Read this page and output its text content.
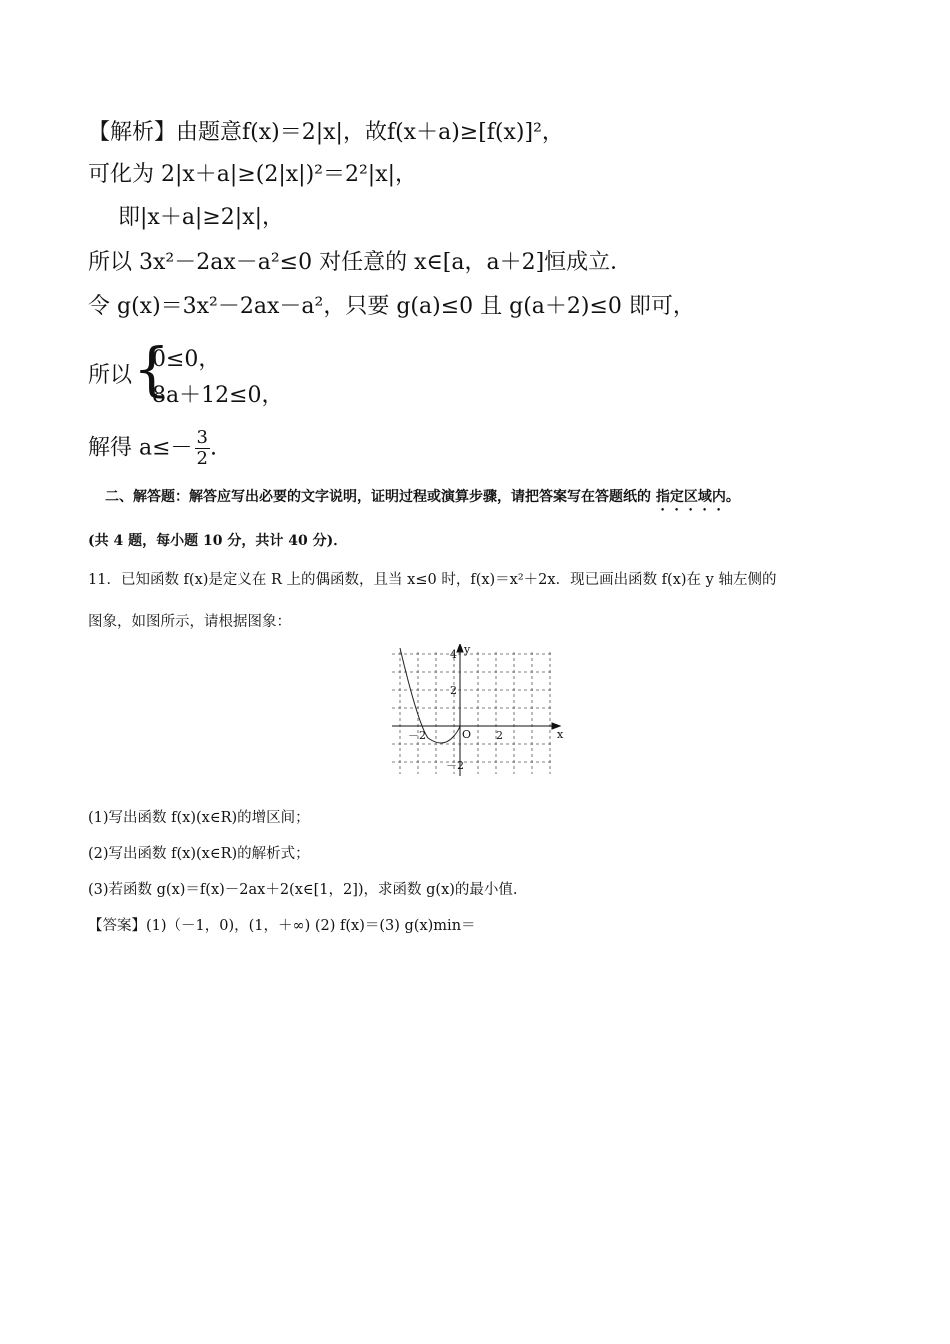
【解析】由题意f(x)＝2|x|，故f(x＋a)≥[f(x)]²，
可化为 2|x＋a|≥(2|x|)²＝2²|x|，
即|x＋a|≥2|x|，
所以 3x²－2ax－a²≤0 对任意的 x∈[a，a＋2]恒成立．
令 g(x)＝3x²－2ax－a²，只要 g(a)≤0 且 g(a＋2)≤0 即可，
所以 {
0≤0，
8a＋12≤0，
解得 $a\le- \frac{3}{2}$ .
二、解答题：解答应写出必要的文字说明，证明过程或演算步骤，请把答案写在答题纸的 指定区域内。
(共 4 题，每小题 10 分，共计 40 分)．
11．已知函数 f(x)是定义在 R 上的偶函数，且当 x≤0 时，f(x)＝x²＋2x．现已画出函数 f(x)在 y 轴左侧的
图象，如图所示，请根据图象：
y
x
O
4
2
－2
－2	2
(1)写出函数 f(x)(x∈R)的增区间；
(2)写出函数 f(x)(x∈R)的解析式；
(3)若函数 g(x)＝f(x)－2ax＋2(x∈[1，2])，求函数 g(x)的最小值.
【答案】(1)（－1，0)，(1，＋∞) (2) f(x)＝(3) g(x)min＝
